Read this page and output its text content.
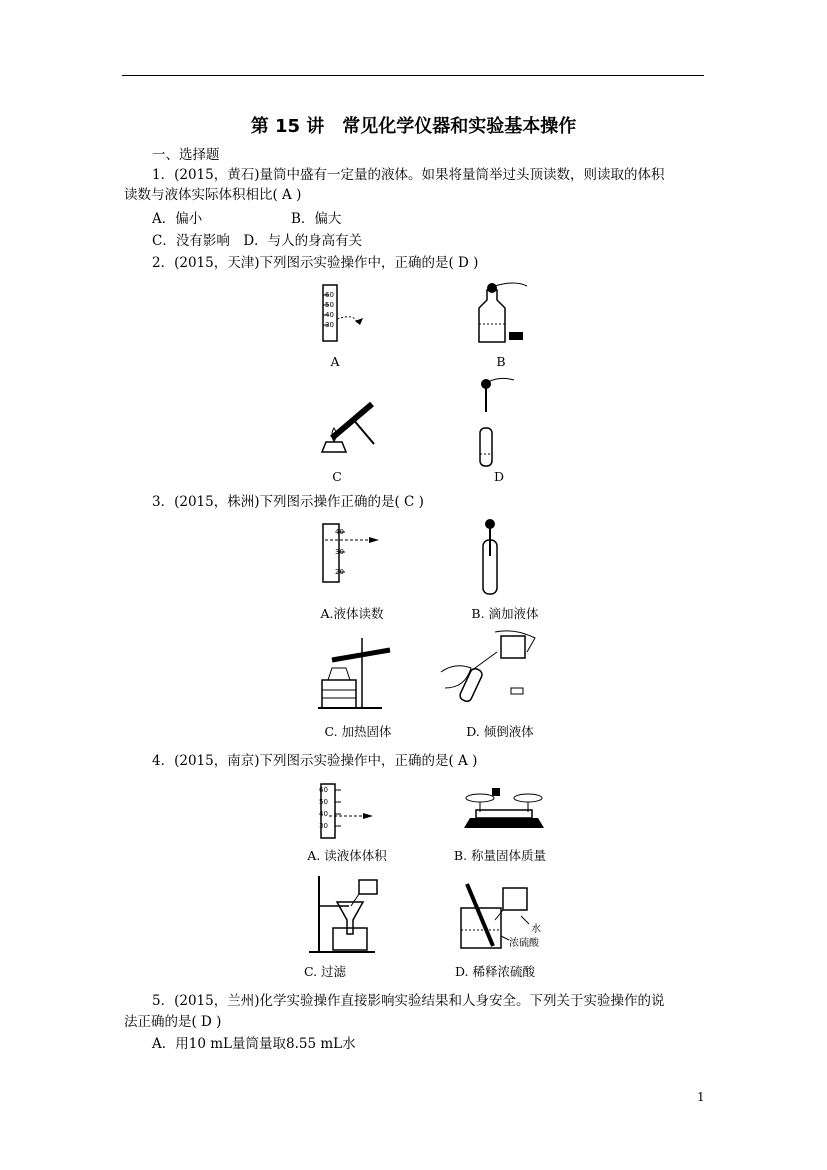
第 15 讲　常见化学仪器和实验基本操作
一、选择题
1．(2015，黄石)量筒中盛有一定量的液体。如果将量筒举过头顶读数，则读取的体积
读数与液体实际体积相比( A )
A．偏小	B．偏大
C．没有影响　D．与人的身高有关
2．(2015，天津)下列图示实验操作中，正确的是( D )
60
50
40
30
A	B
C	D
3．(2015，株洲)下列图示操作正确的是( C )
40
30
20
A.液体读数	B. 滴加液体
C. 加热固体	D. 倾倒液体
4．(2015，南京)下列图示实验操作中，正确的是( A )
60
50
40
30
A. 读液体体积	B. 称量固体质量
C. 过滤
水
浓硫酸
D. 稀释浓硫酸
5．(2015，兰州)化学实验操作直接影响实验结果和人身安全。下列关于实验操作的说
法正确的是( D )
A．用10 mL量筒量取8.55 mL水
1
